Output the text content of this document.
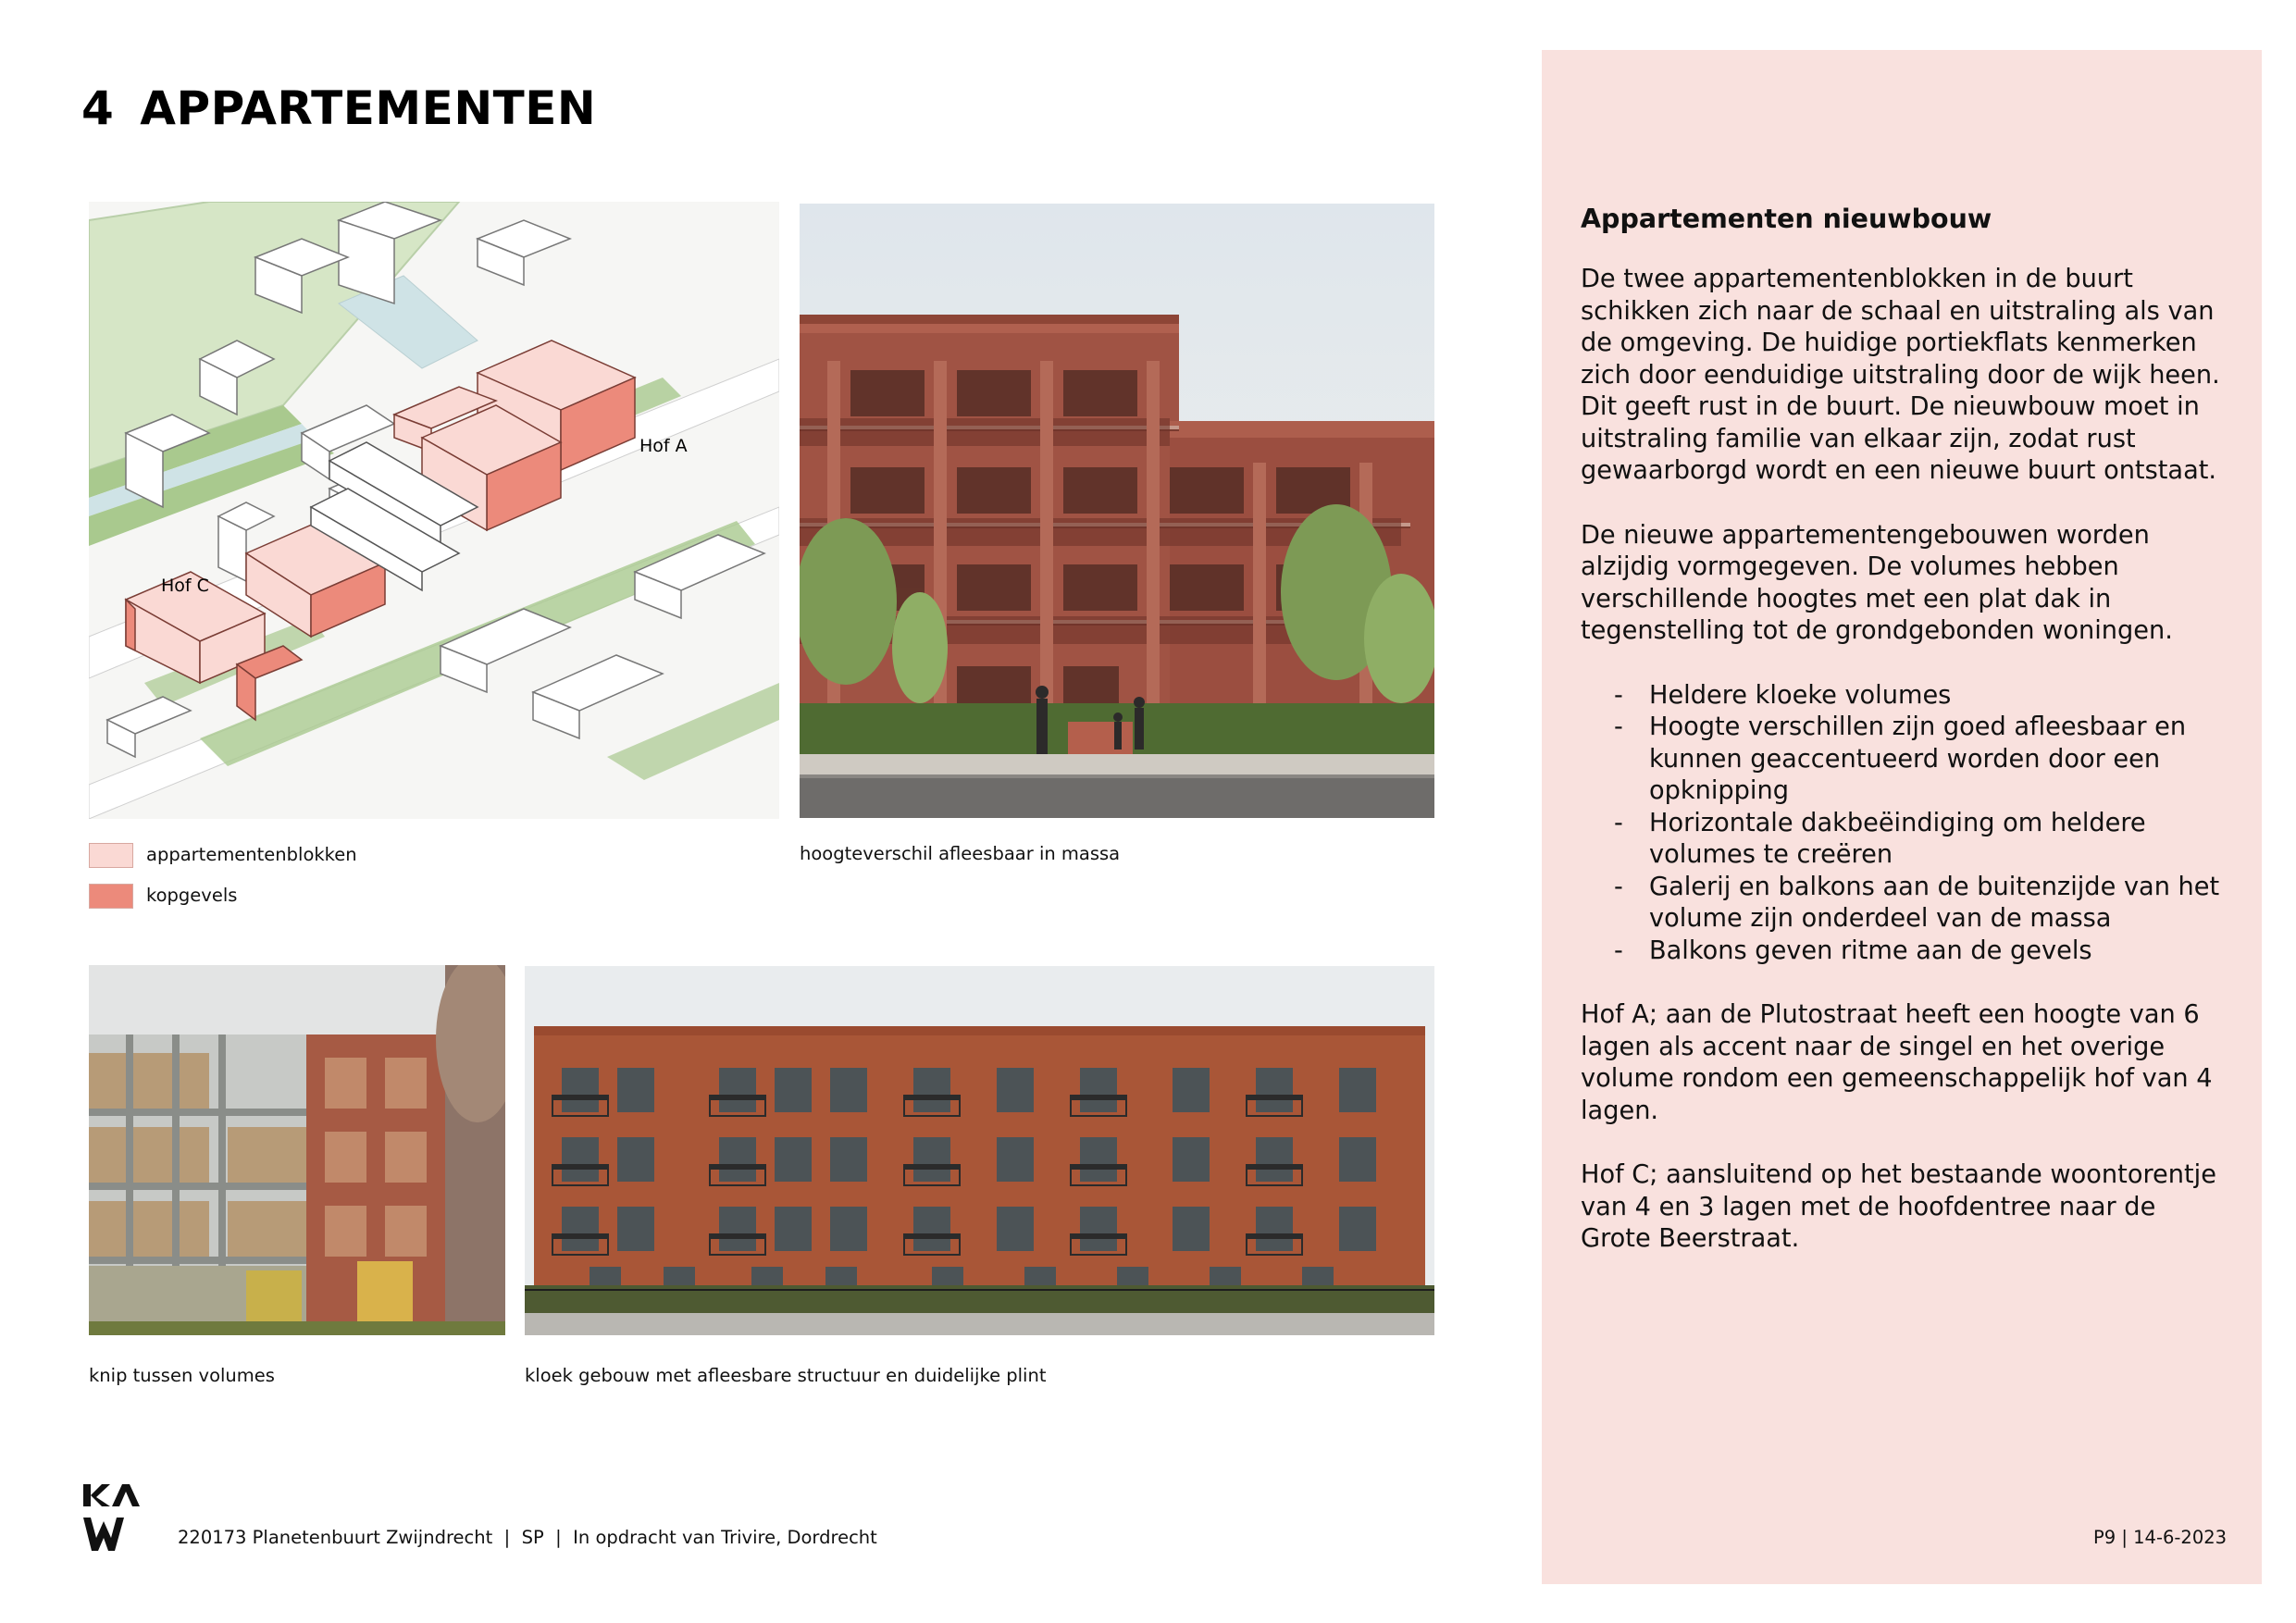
4 APPARTEMENTEN
Hof A
Hof C
appartementenblokken
kopgevels
hoogteverschil afleesbaar in massa
knip tussen volumes	kloek gebouw met afleesbare structuur en duidelijke plint
Appartementen nieuwbouw

De twee appartementenblokken in de buurt schikken zich naar de schaal en uitstraling als van de omgeving. De huidige portiekflats kenmerken zich door eenduidige uitstraling door de wijk heen. Dit geeft rust in de buurt. De nieuwbouw moet in uitstraling familie van elkaar zijn, zodat rust gewaarborgd wordt en een nieuwe buurt ontstaat.

De nieuwe appartementengebouwen worden alzijdig vormgegeven. De volumes hebben verschillende hoogtes met een plat dak in tegenstelling tot de grondgebonden woningen.

- Heldere kloeke volumes
- Hoogte verschillen zijn goed afleesbaar en kunnen geaccentueerd worden door een opknipping
- Horizontale dakbeëindiging om heldere volumes te creëren
- Galerij en balkons aan de buitenzijde van het volume zijn onderdeel van de massa
- Balkons geven ritme aan de gevels

Hof A; aan de Plutostraat heeft een hoogte van 6 lagen als accent naar de singel en het overige volume rondom een gemeenschappelijk hof van 4 lagen.

Hof C; aansluitend op het bestaande woontorentje van 4 en 3 lagen met de hoofdentree naar de Grote Beerstraat.

220173 Planetenbuurt Zwijndrecht  |  SP  |  In opdracht van Trivire, Dordrecht	P9 | 14-6-2023
